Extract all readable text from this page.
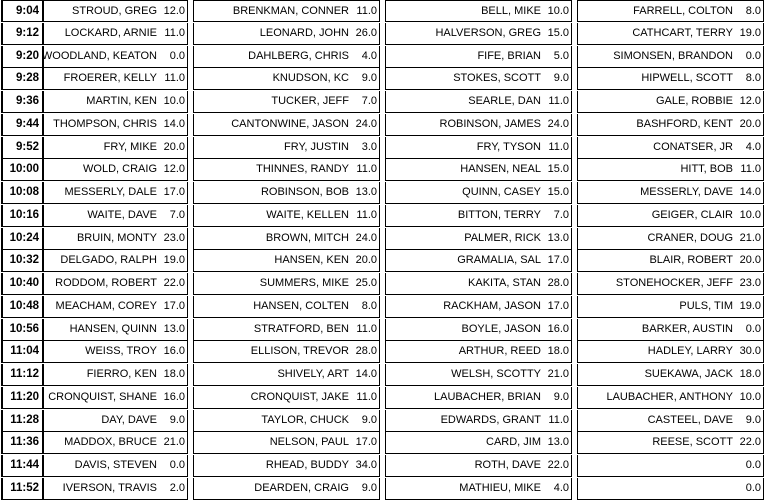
9:04	STROUD, GREG 12.0	BRENKMAN, CONNER 11.0	BELL, MIKE 10.0	FARRELL, COLTON	8.0
9:12	LOCKARD, ARNIE 11.0	LEONARD, JOHN 26.0	HALVERSON, GREG 15.0	CATHCART, TERRY 19.0
9:20 WOODLAND, KEATON	0.0	DAHLBERG, CHRIS	4.0	FIFE, BRIAN	5.0	SIMONSEN, BRANDON	0.0
9:28	FROERER, KELLY 11.0	KNUDSON, KC	9.0	STOKES, SCOTT	9.0	HIPWELL, SCOTT	8.0
9:36	MARTIN, KEN 10.0	TUCKER, JEFF	7.0	SEARLE, DAN 11.0	GALE, ROBBIE 12.0
9:44	THOMPSON, CHRIS 14.0	CANTONWINE, JASON 24.0	ROBINSON, JAMES 24.0	BASHFORD, KENT 20.0
9:52	FRY, MIKE 20.0	FRY, JUSTIN	3.0	FRY, TYSON 11.0	CONATSER, JR	4.0
10:00	WOLD, CRAIG 12.0	THINNES, RANDY 11.0	HANSEN, NEAL 15.0	HITT, BOB 11.0
10:08	MESSERLY, DALE 17.0	ROBINSON, BOB 13.0	QUINN, CASEY 15.0	MESSERLY, DAVE 14.0
10:16	WAITE, DAVE	7.0	WAITE, KELLEN 11.0	BITTON, TERRY	7.0	GEIGER, CLAIR 10.0
10:24	BRUIN, MONTY 23.0	BROWN, MITCH 24.0	PALMER, RICK 13.0	CRANER, DOUG 21.0
10:32	DELGADO, RALPH 19.0	HANSEN, KEN 20.0	GRAMALIA, SAL 17.0	BLAIR, ROBERT 20.0
10:40	RODDOM, ROBERT 22.0	SUMMERS, MIKE 25.0	KAKITA, STAN 28.0	STONEHOCKER, JEFF 23.0
10:48	MEACHAM, COREY 17.0	HANSEN, COLTEN	8.0	RACKHAM, JASON 17.0	PULS, TIM 19.0
10:56	HANSEN, QUINN 13.0	STRATFORD, BEN 11.0	BOYLE, JASON 16.0	BARKER, AUSTIN	0.0
11:04	WEISS, TROY 16.0	ELLISON, TREVOR 28.0	ARTHUR, REED 18.0	HADLEY, LARRY 30.0
11:12	FIERRO, KEN 18.0	SHIVELY, ART 14.0	WELSH, SCOTTY 21.0	SUEKAWA, JACK 18.0
11:20 CRONQUIST, SHANE 16.0	CRONQUIST, JAKE 11.0	LAUBACHER, BRIAN	9.0	LAUBACHER, ANTHONY 10.0
11:28	DAY, DAVE	9.0	TAYLOR, CHUCK	9.0	EDWARDS, GRANT 11.0	CASTEEL, DAVE	9.0
11:36	MADDOX, BRUCE 21.0	NELSON, PAUL 17.0	CARD, JIM 13.0	REESE, SCOTT 22.0
11:44	DAVIS, STEVEN	0.0	RHEAD, BUDDY 34.0	ROTH, DAVE 22.0	0.0
11:52	IVERSON, TRAVIS	2.0	DEARDEN, CRAIG	9.0	MATHIEU, MIKE	4.0	0.0
